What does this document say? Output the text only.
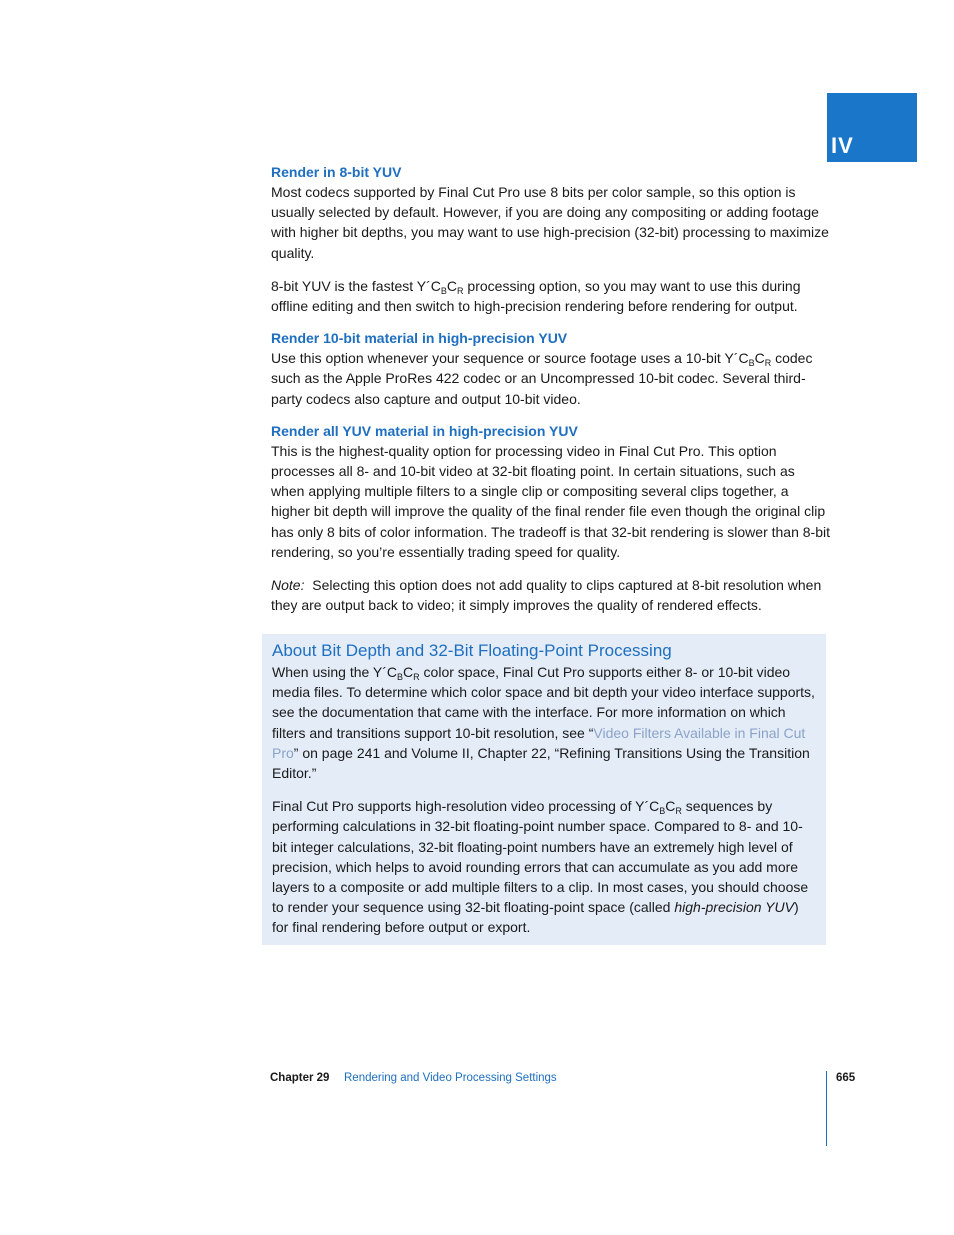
IV
Render in 8-bit YUV

Most codecs supported by Final Cut Pro use 8 bits per color sample, so this option is usually selected by default. However, if you are doing any compositing or adding footage with higher bit depths, you may want to use high-precision (32-bit) processing to maximize quality.

8-bit YUV is the fastest $Y´C_BC_R$ processing option, so you may want to use this during offline editing and then switch to high-precision rendering before rendering for output.

Render 10-bit material in high-precision YUV

Use this option whenever your sequence or source footage uses a 10-bit $Y´C_BC_R$ codec such as the Apple ProRes 422 codec or an Uncompressed 10-bit codec. Several third-party codecs also capture and output 10-bit video.

Render all YUV material in high-precision YUV

This is the highest-quality option for processing video in Final Cut Pro. This option processes all 8- and 10-bit video at 32-bit floating point. In certain situations, such as when applying multiple filters to a single clip or compositing several clips together, a higher bit depth will improve the quality of the final render file even though the original clip has only 8 bits of color information. The tradeoff is that 32-bit rendering is slower than 8-bit rendering, so you’re essentially trading speed for quality.

Note:  Selecting this option does not add quality to clips captured at 8-bit resolution when they are output back to video; it simply improves the quality of rendered effects.

About Bit Depth and 32-Bit Floating-Point Processing

When using the $Y´C_BC_R$ color space, Final Cut Pro supports either 8- or 10-bit video media files. To determine which color space and bit depth your video interface supports, see the documentation that came with the interface. For more information on which filters and transitions support 10-bit resolution, see “Video Filters Available in Final Cut Pro” on page 241 and Volume II, Chapter 22, “Refining Transitions Using the Transition Editor.”

Final Cut Pro supports high-resolution video processing of $Y´C_BC_R$ sequences by performing calculations in 32-bit floating-point number space. Compared to 8- and 10-bit integer calculations, 32-bit floating-point numbers have an extremely high level of precision, which helps to avoid rounding errors that can accumulate as you add more layers to a composite or add multiple filters to a clip. In most cases, you should choose to render your sequence using 32-bit floating-point space (called high-precision YUV) for final rendering before output or export.

Chapter 29 Rendering and Video Processing Settings	665
